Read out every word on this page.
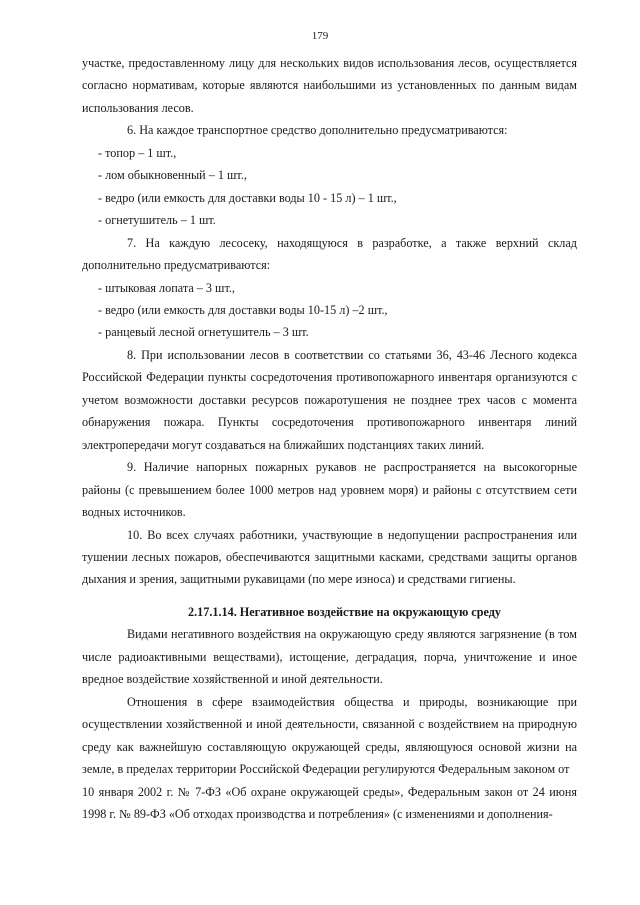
179

участке, предоставленному лицу для нескольких видов использования лесов, осуществляется согласно нормативам, которые являются наибольшими из установленных по данным видам использования лесов.

6. На каждое транспортное средство дополнительно предусматриваются:

- топор – 1 шт.,

- лом обыкновенный – 1 шт.,

- ведро (или емкость для доставки воды 10 - 15 л) – 1 шт.,

- огнетушитель – 1 шт.

7. На каждую лесосеку, находящуюся в разработке, а также верхний склад дополнительно предусматриваются:

- штыковая лопата – 3 шт.,

- ведро (или емкость для доставки воды 10-15 л) –2 шт.,

- ранцевый лесной огнетушитель – 3 шт.

8. При использовании лесов в соответствии со статьями 36, 43-46 Лесного кодекса Российской Федерации пункты сосредоточения противопожарного инвентаря организуются с учетом возможности доставки ресурсов пожаротушения не позднее трех часов с момента обнаружения пожара. Пункты сосредоточения противопожарного инвентаря линий электропередачи могут создаваться на ближайших подстанциях таких линий.

9. Наличие напорных пожарных рукавов не распространяется на высокогорные районы (с превышением более 1000 метров над уровнем моря) и районы с отсутствием сети водных источников.

10. Во всех случаях работники, участвующие в недопущении распространения или тушении лесных пожаров, обеспечиваются защитными касками, средствами защиты органов дыхания и зрения, защитными рукавицами (по мере износа) и средствами гигиены.

2.17.1.14. Негативное воздействие на окружающую среду

Видами негативного воздействия на окружающую среду являются загрязнение (в том числе радиоактивными веществами), истощение, деградация, порча, уничтожение и иное вредное воздействие хозяйственной и иной деятельности.

Отношения в сфере взаимодействия общества и природы, возникающие при осуществлении хозяйственной и иной деятельности, связанной с воздействием на природную среду как важнейшую составляющую окружающей среды, являющуюся основой жизни на земле, в пределах территории Российской Федерации регулируются Федеральным законом от

10 января 2002 г. № 7-ФЗ «Об охране окружающей среды», Федеральным закон от 24 июня 1998 г. № 89-ФЗ «Об отходах производства и потребления» (с изменениями и дополнения-
